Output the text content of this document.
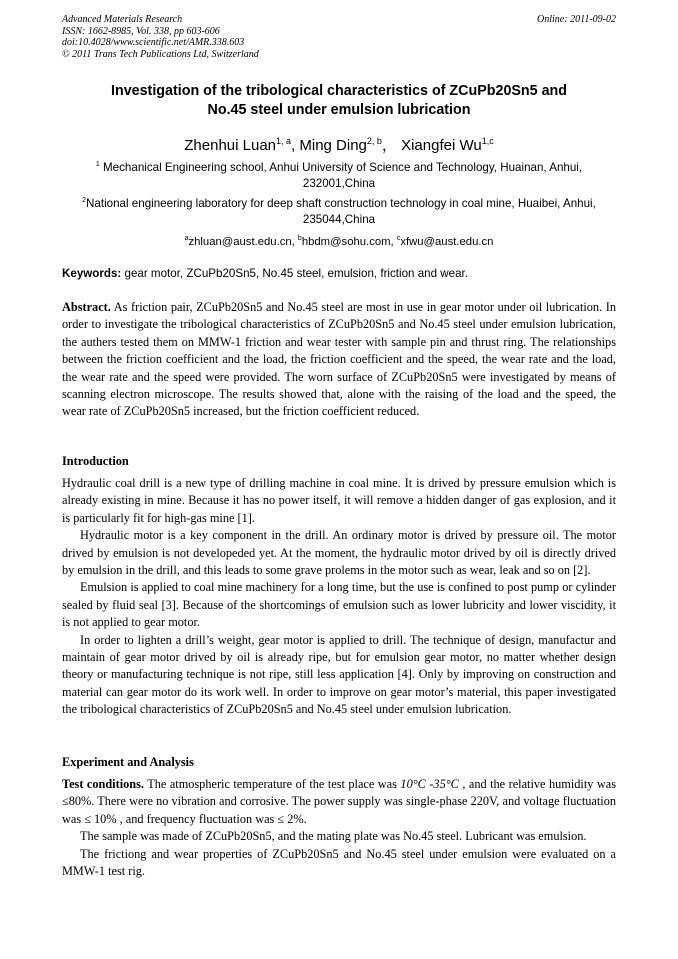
Advanced Materials Research
ISSN: 1662-8985, Vol. 338, pp 603-606
doi:10.4028/www.scientific.net/AMR.338.603
© 2011 Trans Tech Publications Ltd, Switzerland
Online: 2011-09-02
Investigation of the tribological characteristics of ZCuPb20Sn5 and
No.45 steel under emulsion lubrication
Zhenhui Luan$^{1, a}$, Ming Ding$^{2, b}$， Xiangfei Wu$^{1,c}$
$^1$ Mechanical Engineering school, Anhui University of Science and Technology, Huainan, Anhui,
232001,China
$^2$National engineering laboratory for deep shaft construction technology in coal mine, Huaibei, Anhui,
235044,China
$^a$zhluan@aust.edu.cn, $^b$hbdm@sohu.com, $^c$xfwu@aust.edu.cn
Keywords: gear motor, ZCuPb20Sn5, No.45 steel, emulsion, friction and wear.

Abstract. As friction pair, ZCuPb20Sn5 and No.45 steel are most in use in gear motor under oil lubrication. In order to investigate the tribological characteristics of ZCuPb20Sn5 and No.45 steel under emulsion lubrication, the authers tested them on MMW-1 friction and wear tester with sample pin and thrust ring. The relationships between the friction coefficient and the load, the friction coefficient and the speed, the wear rate and the load, the wear rate and the speed were provided. The worn surface of ZCuPb20Sn5 were investigated by means of scanning electron microscope. The results showed that, alone with the raising of the load and the speed, the wear rate of ZCuPb20Sn5 increased, but the friction coefficient reduced.

Introduction

Hydraulic coal drill is a new type of drilling machine in coal mine. It is drived by pressure emulsion which is already existing in mine. Because it has no power itself, it will remove a hidden danger of gas explosion, and it is particularly fit for high-gas mine [1].

Hydraulic motor is a key component in the drill. An ordinary motor is drived by pressure oil. The motor drived by emulsion is not developeded yet. At the moment, the hydraulic motor drived by oil is directly drived by emulsion in the drill, and this leads to some grave prolems in the motor such as wear, leak and so on [2].

Emulsion is applied to coal mine machinery for a long time, but the use is confined to post pump or cylinder sealed by fluid seal [3]. Because of the shortcomings of emulsion such as lower lubricity and lower viscidity, it is not applied to gear motor.

In order to lighten a drill’s weight, gear motor is applied to drill. The technique of design, manufactur and maintain of gear motor drived by oil is already ripe, but for emulsion gear motor, no matter whether design theory or manufacturing technique is not ripe, still less application [4]. Only by improving on construction and material can gear motor do its work well. In order to improve on gear motor’s material, this paper investigated the tribological characteristics of ZCuPb20Sn5 and No.45 steel under emulsion lubrication.

Experiment and Analysis

Test conditions. The atmospheric temperature of the test place was 10°C -35°C , and the relative humidity was ≤80%. There were no vibration and corrosive. The power supply was single-phase 220V, and voltage fluctuation was ≤ 10% , and frequency fluctuation was ≤ 2%.

The sample was made of ZCuPb20Sn5, and the mating plate was No.45 steel. Lubricant was emulsion.

The frictiong and wear properties of ZCuPb20Sn5 and No.45 steel under emulsion were evaluated on a MMW-1 test rig.
